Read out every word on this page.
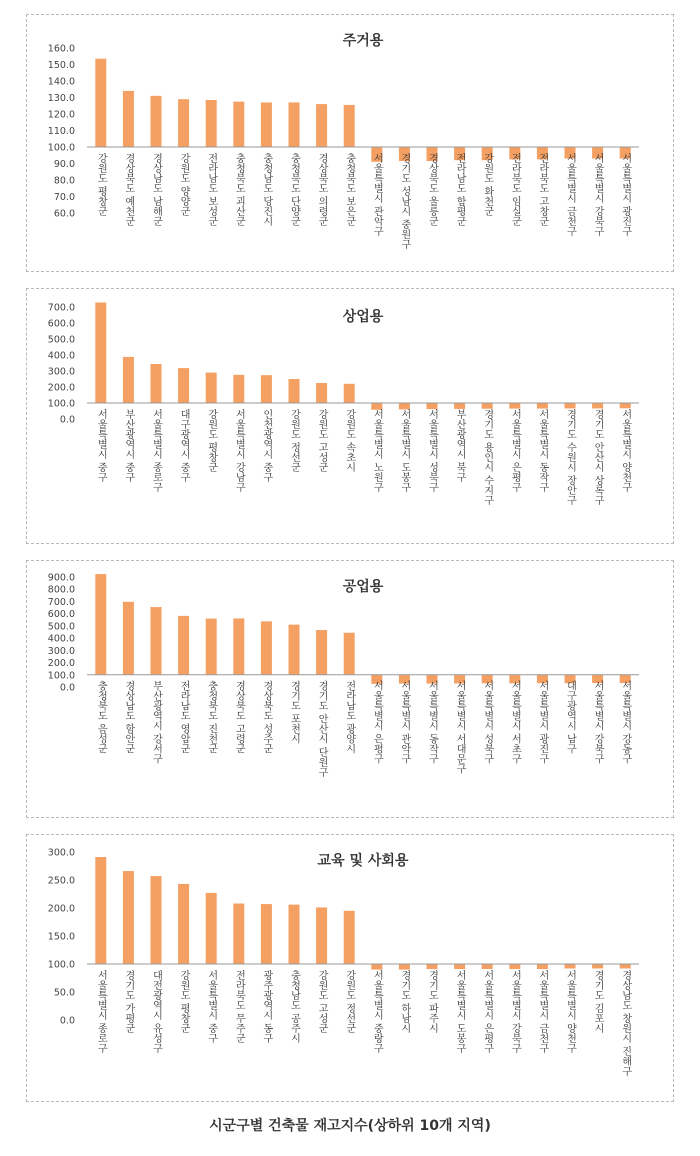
주거용
160.0
150.0
140.0
130.0
120.0
110.0
100.0
90.0
80.0
70.0
60.0 강원도 평창군 경상북도 예천군 경상남도 남해군 강원도 양양군 전라남도 보성군 충청북도 괴산군 충청남도 당진시 충청북도 단양군 경상북도 의령군 충청북도 보은군 서울특별시 관악구 경기도 성남시 중원구 경상북도 울릉군 전라남도 함평군 강원도 화천군 전라북도 임실군 전라북도 고창군 서울특별시 금천구 서울특별시 강북구 서울특별시 광진구
상업용
700.0
600.0
500.0
400.0
300.0
200.0
100.0
0.0 서울특별시 중구 부산광역시 중구 서울특별시 종로구 대구광역시 중구 강원도 평창군 서울특별시 강남구 인천광역시 중구 강원도 정선군 강원도 고성군 강원도 속초시 서울특별시 노원구 서울특별시 도봉구 서울특별시 성북구 부산광역시 북구 경기도 용인시 수지구 서울특별시 은평구 서울특별시 동작구 경기도 수원시 장안구 경기도 안산시 상록구 서울특별시 양천구
공업용
900.0
800.0
700.0
600.0
500.0
400.0
300.0
200.0
100.0
0.0 충청북도 음성군 경상남도 함안군 부산광역시 강서구 전라남도 영암군 충청북도 진천군 경상북도 고령군 경상북도 성주군 경기도 포천시 경기도 안산시 단원구 전라남도 광양시 서울특별시 은평구 서울특별시 관악구 서울특별시 동작구 서울특별시 서대문구 서울특별시 성북구 서울특별시 서초구 서울특별시 광진구 대구광역시 남구 서울특별시 강북구 서울특별시 강동구
교육 및 사회용
300.0
250.0
200.0
150.0
100.0
50.0
0.0 서울특별시 종로구 경기도 가평군 대전광역시 유성구 강원도 평창군 서울특별시 중구 전라북도 무주군 광주광역시 동구 충청남도 공주시 강원도 고성군 강원도 정선군 서울특별시 중랑구 경기도 하남시 경기도 파주시 서울특별시 도봉구 서울특별시 은평구 서울특별시 강북구 서울특별시 금천구 서울특별시 양천구 경기도 김포시 경상남도 창원시 진해구
시군구별 건축물 재고지수(상하위 10개 지역)
